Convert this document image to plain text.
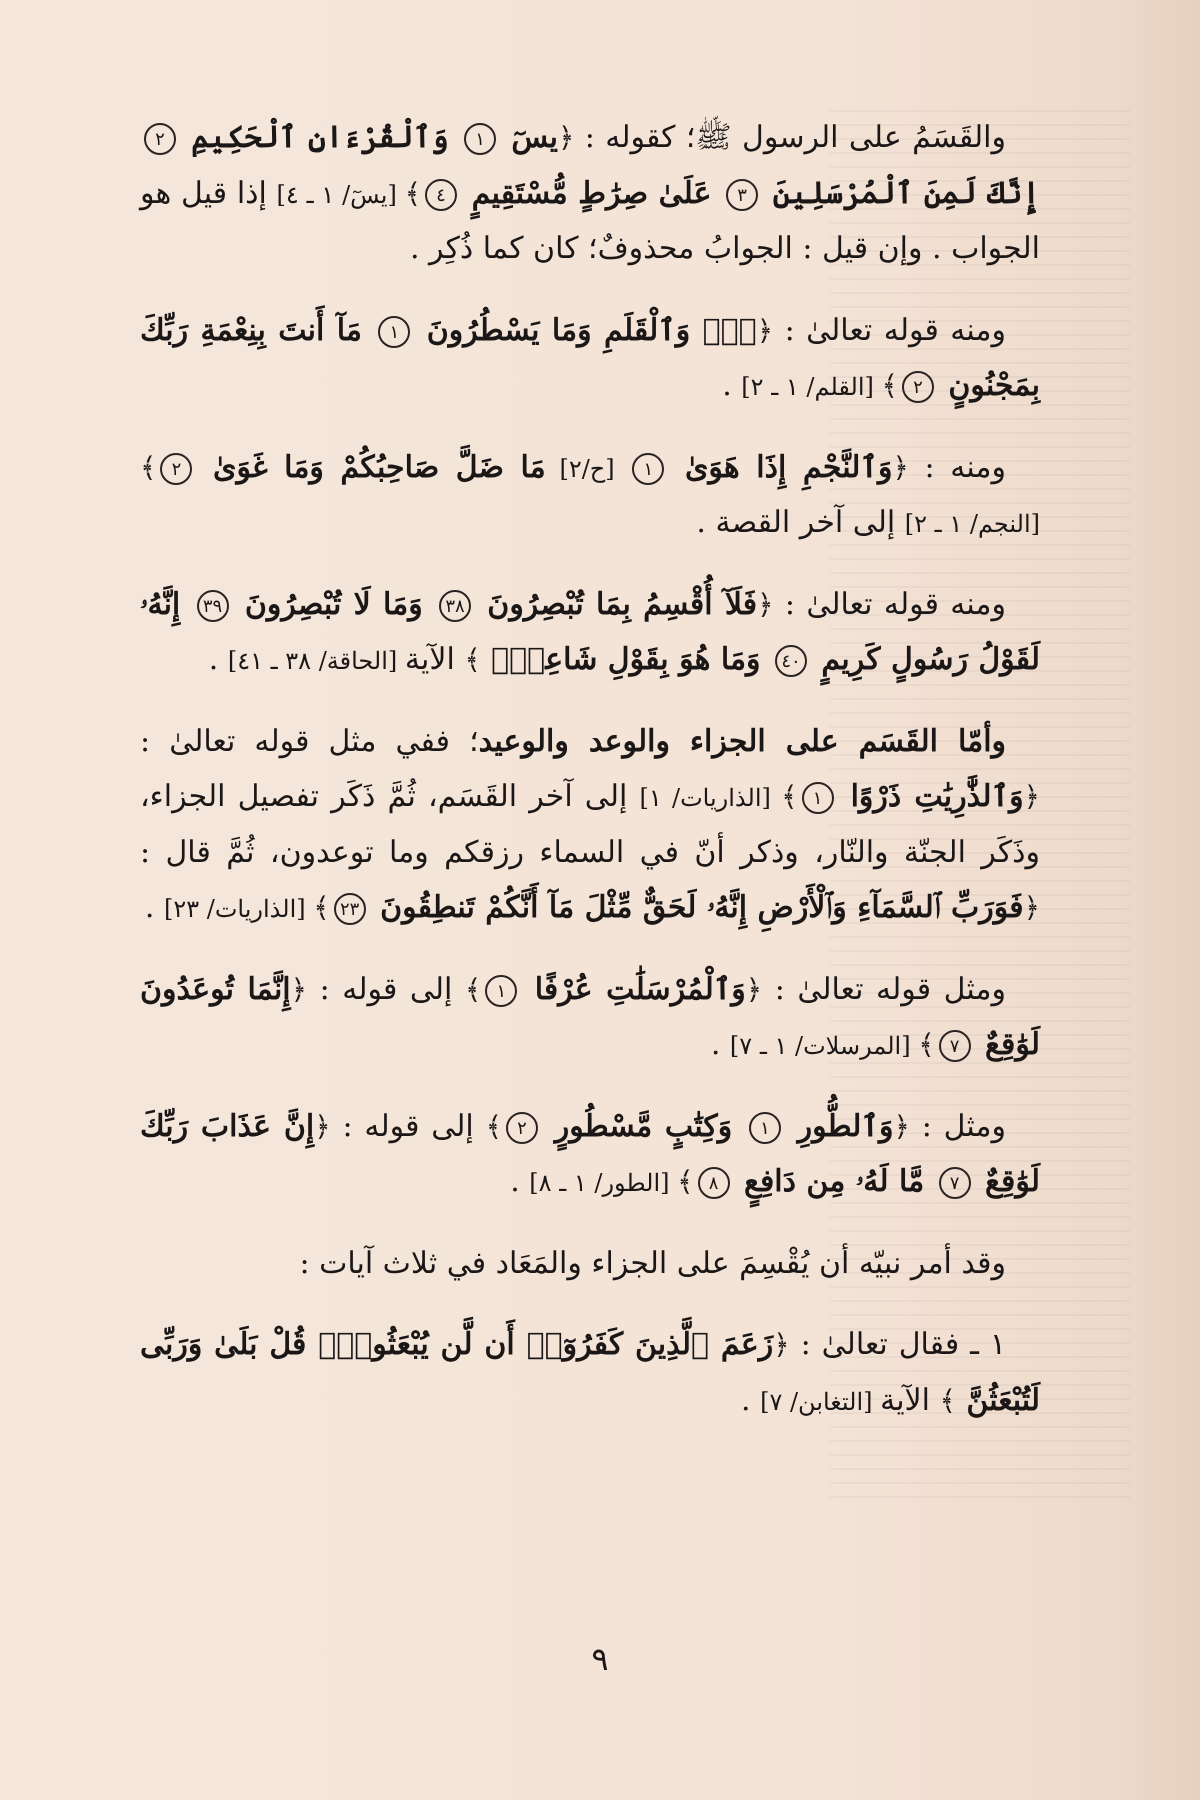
والقَسَمُ على الرسول ﷺ؛ كقوله : ﴿يسٓ ١ وَٱلْقُرْءَانِ ٱلْحَكِيمِ ٢ إِنَّكَ لَمِنَ ٱلْمُرْسَلِينَ ٣ عَلَىٰ صِرَٰطٍ مُّسْتَقِيمٍ ٤﴾ [يسٓ/ ١ ـ ٤] إذا قيل هو الجواب . وإن قيل : الجوابُ محذوفٌ؛ كان كما ذُكِر .

ومنه قوله تعالىٰ : ﴿نٓۚ وَٱلْقَلَمِ وَمَا يَسْطُرُونَ ١ مَآ أَنتَ بِنِعْمَةِ رَبِّكَ بِمَجْنُونٍ ٢﴾ [القلم/ ١ ـ ٢] .

ومنه : ﴿وَٱلنَّجْمِ إِذَا هَوَىٰ ١ [ح/٢] مَا ضَلَّ صَاحِبُكُمْ وَمَا غَوَىٰ ٢﴾ [النجم/ ١ ـ ٢] إلى آخر القصة .

ومنه قوله تعالىٰ : ﴿فَلَآ أُقْسِمُ بِمَا تُبْصِرُونَ ٣٨ وَمَا لَا تُبْصِرُونَ ٣٩ إِنَّهُۥ لَقَوْلُ رَسُولٍ كَرِيمٍ ٤٠ وَمَا هُوَ بِقَوْلِ شَاعِرٍۚ ﴾ الآية [الحاقة/ ٣٨ ـ ٤١] .

وأمّا القَسَم على الجزاء والوعد والوعيد؛ ففي مثل قوله تعالىٰ : ﴿وَٱلذَّٰرِيَٰتِ ذَرْوًا ١﴾ [الذاريات/ ١] إلى آخر القَسَم، ثُمَّ ذَكَر تفصيل الجزاء، وذَكَر الجنّة والنّار، وذكر أنّ في السماء رزقكم وما توعدون، ثُمَّ قال : ﴿فَوَرَبِّ ٱلسَّمَآءِ وَٱلْأَرْضِ إِنَّهُۥ لَحَقٌّ مِّثْلَ مَآ أَنَّكُمْ تَنطِقُونَ ٢٣﴾ [الذاريات/ ٢٣] .

ومثل قوله تعالىٰ : ﴿وَٱلْمُرْسَلَٰتِ عُرْفًا ١﴾ إلى قوله : ﴿إِنَّمَا تُوعَدُونَ لَوَٰقِعٌ ٧﴾ [المرسلات/ ١ ـ ٧] .

ومثل : ﴿وَٱلطُّورِ ١ وَكِتَٰبٍ مَّسْطُورٍ ٢﴾ إلى قوله : ﴿إِنَّ عَذَابَ رَبِّكَ لَوَٰقِعٌ ٧ مَّا لَهُۥ مِن دَافِعٍ ٨﴾ [الطور/ ١ ـ ٨] .

وقد أمر نبيّه أن يُقْسِمَ على الجزاء والمَعَاد في ثلاث آيات :

١ ـ فقال تعالىٰ : ﴿زَعَمَ ٱلَّذِينَ كَفَرُوٓا۟ أَن لَّن يُبْعَثُوا۟ۚ قُلْ بَلَىٰ وَرَبِّى لَتُبْعَثُنَّ ﴾ الآية [التغابن/ ٧] .

٩
